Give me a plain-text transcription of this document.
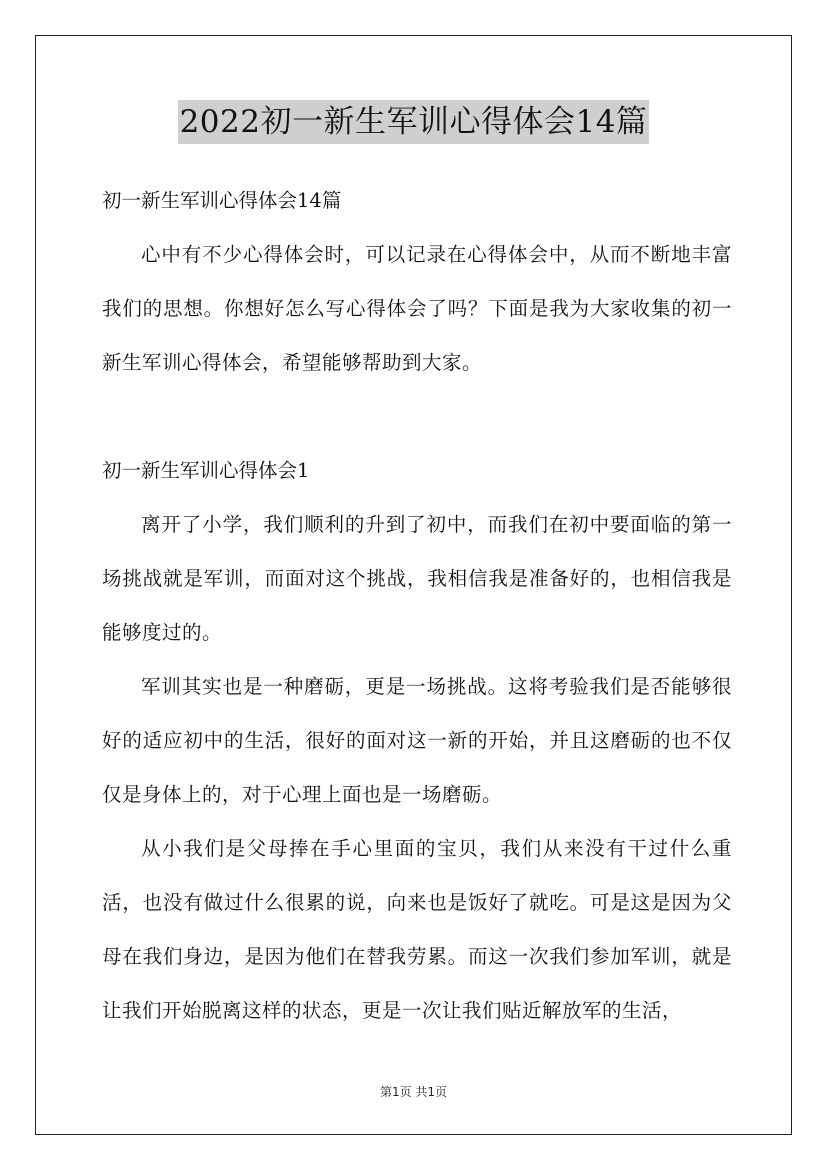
2022初一新生军训心得体会14篇

初一新生军训心得体会14篇

心中有不少心得体会时，可以记录在心得体会中，从而不断地丰富我们的思想。你想好怎么写心得体会了吗？下面是我为大家收集的初一新生军训心得体会，希望能够帮助到大家。

初一新生军训心得体会1

离开了小学，我们顺利的升到了初中，而我们在初中要面临的第一场挑战就是军训，而面对这个挑战，我相信我是准备好的，也相信我是能够度过的。

军训其实也是一种磨砺，更是一场挑战。这将考验我们是否能够很好的适应初中的生活，很好的面对这一新的开始，并且这磨砺的也不仅仅是身体上的，对于心理上面也是一场磨砺。

从小我们是父母捧在手心里面的宝贝，我们从来没有干过什么重活，也没有做过什么很累的说，向来也是饭好了就吃。可是这是因为父母在我们身边，是因为他们在替我劳累。而这一次我们参加军训，就是让我们开始脱离这样的状态，更是一次让我们贴近解放军的生活，

第1页 共1页
